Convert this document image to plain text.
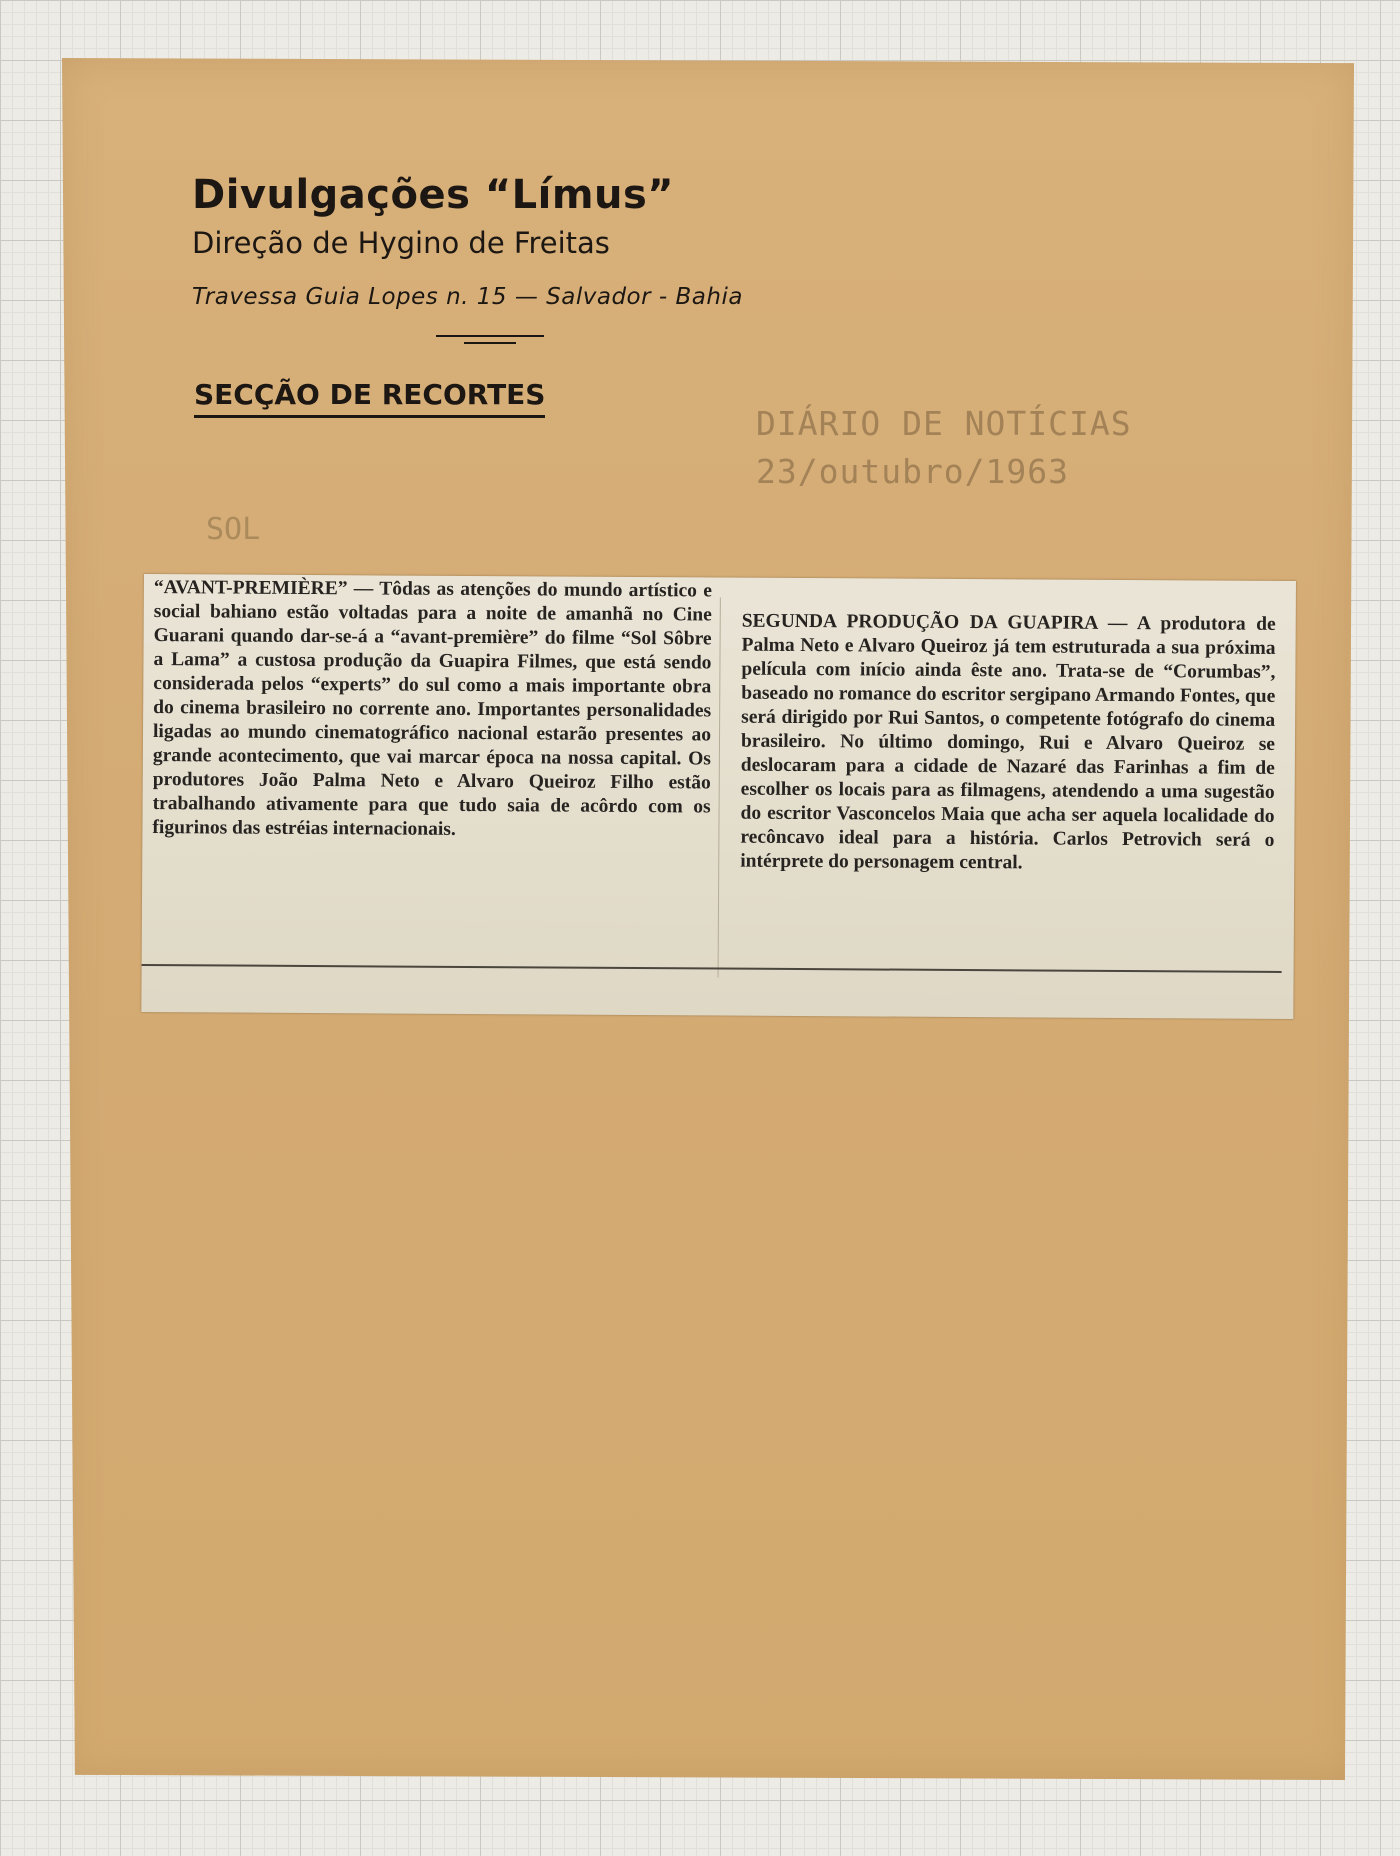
Divulgações “Límus”

Direção de Hygino de Freitas

Travessa Guia Lopes n. 15 — Salvador - Bahia

SECÇÃO DE RECORTES

DIÁRIO DE NOTÍCIAS

23/outubro/1963

SOL

“AVANT-PREMIÈRE” — Tôdas as atenções do mundo artístico e social bahiano estão voltadas para a noite de amanhã no Cine Guarani quando dar-se-á a “avant-première” do filme “Sol Sôbre a Lama” a custosa produção da Guapira Filmes, que está sendo considerada pelos “experts” do sul como a mais importante obra do cinema brasileiro no corrente ano. Importantes personalidades ligadas ao mundo cinematográfico nacional estarão presentes ao grande acontecimento, que vai marcar época na nossa capital. Os produtores João Palma Neto e Alvaro Queiroz Filho estão trabalhando ativamente para que tudo saia de acôrdo com os figurinos das estréias internacionais.

SEGUNDA PRODUÇÃO DA GUAPIRA — A produtora de Palma Neto e Alvaro Queiroz já tem estruturada a sua próxima película com início ainda êste ano. Trata-se de “Corumbas”, baseado no romance do escritor sergipano Armando Fontes, que será dirigido por Rui Santos, o competente fotógrafo do cinema brasileiro. No último domingo, Rui e Alvaro Queiroz se deslocaram para a cidade de Nazaré das Farinhas a fim de escolher os locais para as filmagens, atendendo a uma sugestão do escritor Vasconcelos Maia que acha ser aquela localidade do recôncavo ideal para a história. Carlos Petrovich será o intérprete do personagem central.
